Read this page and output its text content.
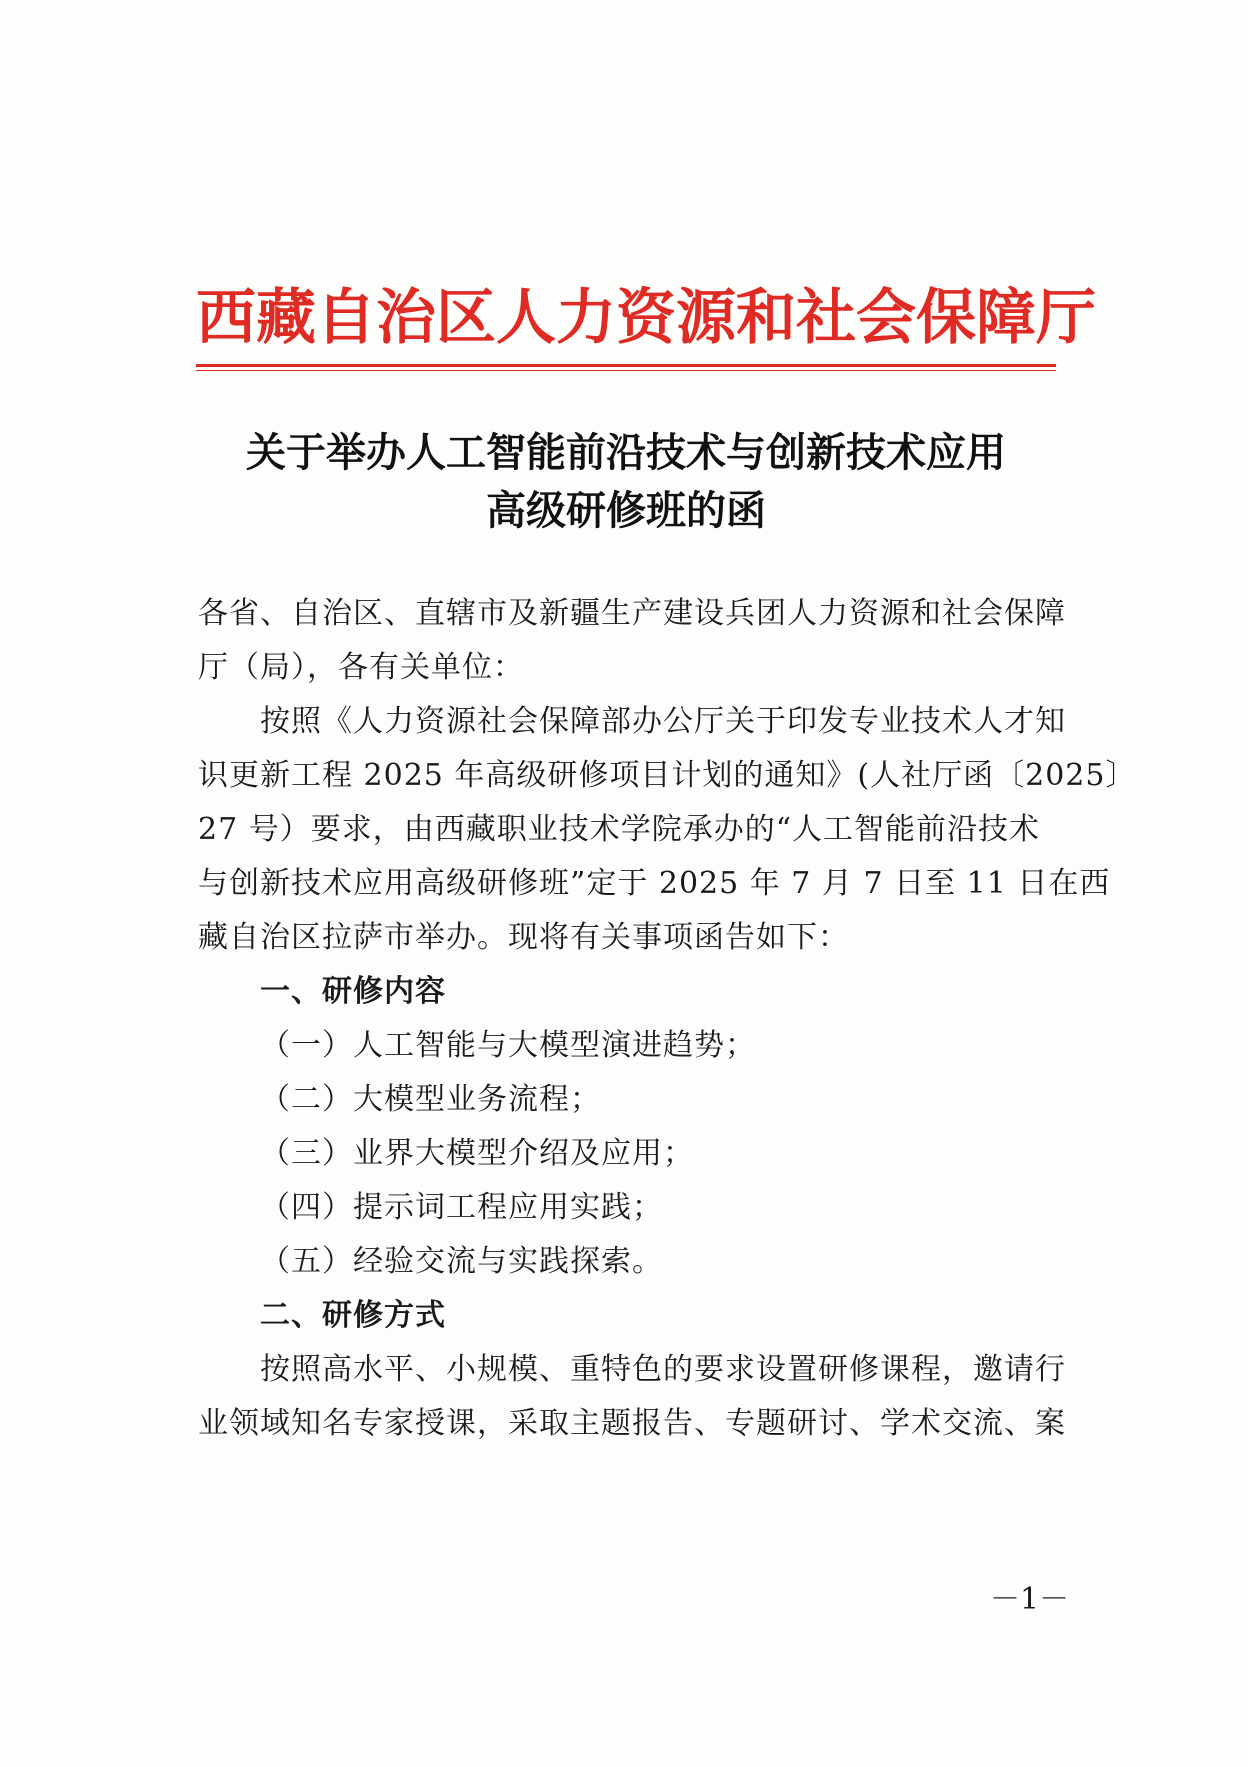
西藏自治区人力资源和社会保障厅
关于举办人工智能前沿技术与创新技术应用
高级研修班的函
各省、自治区、直辖市及新疆生产建设兵团人力资源和社会保障
厅（局），各有关单位：
按照《人力资源社会保障部办公厅关于印发专业技术人才知
识更新工程 2025 年高级研修项目计划的通知》(人社厅函〔2025〕
27 号）要求，由西藏职业技术学院承办的“人工智能前沿技术
与创新技术应用高级研修班”定于 2025 年 7 月 7 日至 11 日在西
藏自治区拉萨市举办。现将有关事项函告如下：
一、研修内容
（一）人工智能与大模型演进趋势；
（二）大模型业务流程；
（三）业界大模型介绍及应用；
（四）提示词工程应用实践；
（五）经验交流与实践探索。
二、研修方式
按照高水平、小规模、重特色的要求设置研修课程，邀请行
业领域知名专家授课，采取主题报告、专题研讨、学术交流、案
－1－
